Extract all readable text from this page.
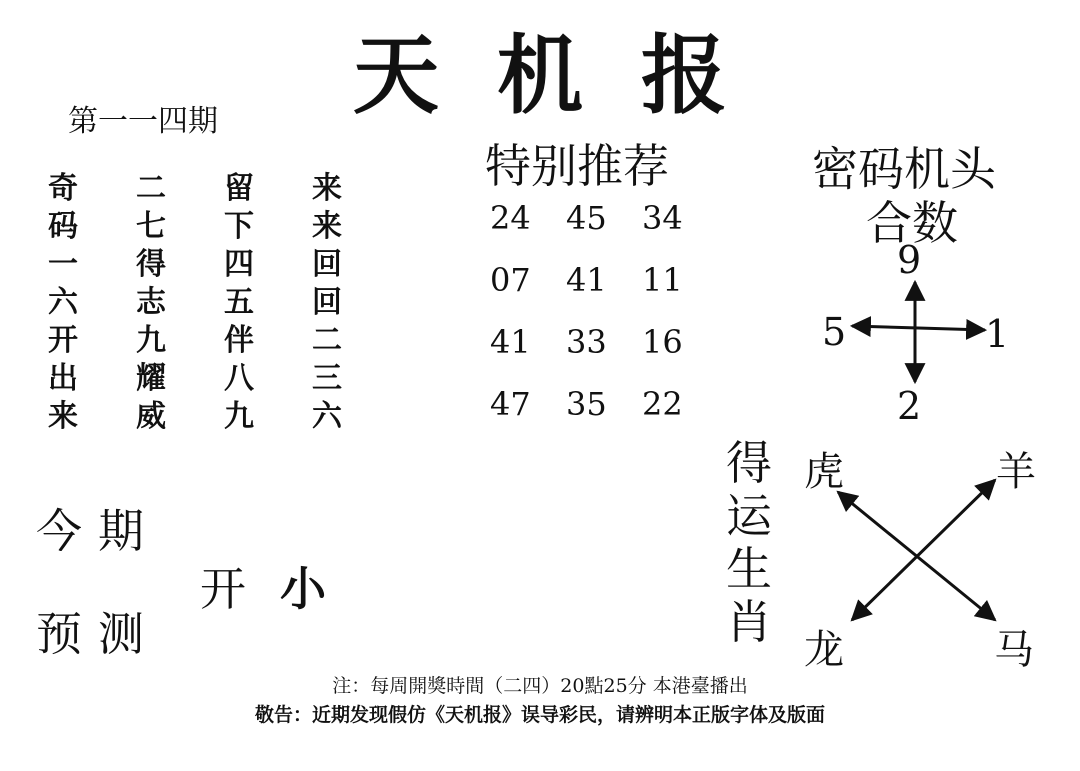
天机报
第一一四期
奇	二	留	来
码	七	下	来
一	得	四	回
六	志	五	回
开	九	伴	二
出	耀	八	三
来	威	九	六
特别推荐
24	45	34
07	41	11
41	33	16
47	35	22
密码机头
合数
9
5	1
2
今期
开小
预测
得运生肖
虎	羊
龙	马
注：每周開獎時間（二四）20點25分 本港臺播出
敬告：近期发现假仿《天机报》误导彩民，请辨明本正版字体及版面
